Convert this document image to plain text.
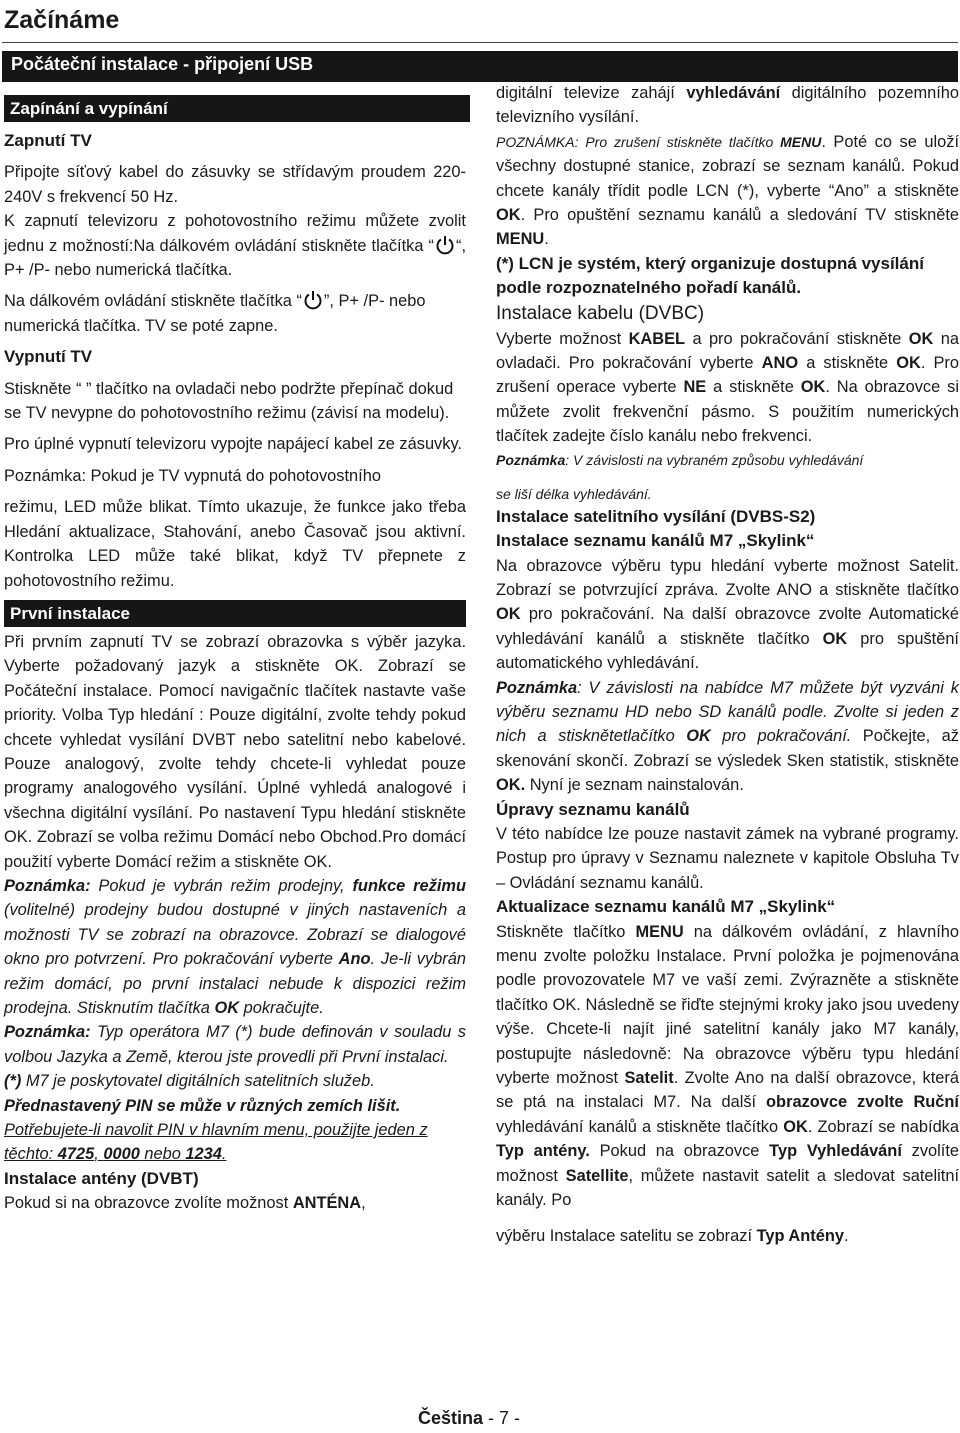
Začínáme
Počáteční instalace - připojení USB
Zapínání a vypínání

Zapnutí TV

Připojte síťový kabel do zásuvky se střídavým proudem 220-240V s frekvencí 50 Hz.

K zapnutí televizoru z pohotovostního režimu můžete zvolit jednu z možností:Na dálkovém ovládání stiskněte tlačítka “ “, P+ /P- nebo numerická tlačítka.

Na dálkovém ovládání stiskněte tlačítka “ ”, P+ /P- nebo numerická tlačítka. TV se poté zapne.

Vypnutí TV

Stiskněte “ ” tlačítko na ovladači nebo podržte přepínač dokud se TV nevypne do pohotovostního režimu (závisí na modelu).

Pro úplné vypnutí televizoru vypojte napájecí kabel ze zásuvky.

Poznámka: Pokud je TV vypnutá do pohotovostního

režimu, LED může blikat. Tímto ukazuje, že funkce jako třeba Hledání aktualizace, Stahování, anebo Časovač jsou aktivní. Kontrolka LED může také blikat, když TV přepnete z pohotovostního režimu.

První instalace

Při prvním zapnutí TV se zobrazí obrazovka s výběr jazyka. Vyberte požadovaný jazyk a stiskněte OK. Zobrazí se Počáteční instalace. Pomocí navigačníc tlačítek nastavte vaše priority. Volba Typ hledání : Pouze digitální, zvolte tehdy pokud chcete vyhledat vysílání DVBT nebo satelitní nebo kabelové. Pouze analogový, zvolte tehdy chcete-li vyhledat pouze programy analogového vysílání. Úplné vyhledá analogové i všechna digitální vysílání. Po nastavení Typu hledání stiskněte OK. Zobrazí se volba režimu Domácí nebo Obchod.Pro domácí použití vyberte Domácí režim a stiskněte OK.

Poznámka: Pokud je vybrán režim prodejny, funkce režimu (volitelné) prodejny budou dostupné v jiných nastaveních a možnosti TV se zobrazí na obrazovce. Zobrazí se dialogové okno pro potvrzení. Pro pokračování vyberte Ano. Je-li vybrán režim domácí, po první instalaci nebude k dispozici režim prodejna. Stisknutím tlačítka OK pokračujte.

Poznámka: Typ operátora M7 (*) bude definován v souladu s volbou Jazyka a Země, kterou jste provedli při První instalaci.

(*) M7 je poskytovatel digitálních satelitních služeb.

Přednastavený PIN se může v různých zemích lišit.

Potřebujete-li navolit PIN v hlavním menu, použijte jeden z těchto: 4725, 0000 nebo 1234.

Instalace antény (DVBT)

Pokud si na obrazovce zvolíte možnost ANTÉNA,

digitální televize zahájí vyhledávání digitálního pozemního televizního vysílání.

POZNÁMKA: Pro zrušení stiskněte tlačítko MENU. Poté co se uloží všechny dostupné stanice, zobrazí se seznam kanálů. Pokud chcete kanály třídit podle LCN (*), vyberte “Ano” a stiskněte OK. Pro opuštění seznamu kanálů a sledování TV stiskněte MENU.

(*) LCN je systém, který organizuje dostupná vysílání podle rozpoznatelného pořadí kanálů.

Instalace kabelu (DVBC)

Vyberte možnost KABEL a pro pokračování stiskněte OK na ovladači. Pro pokračování vyberte ANO a stiskněte OK. Pro zrušení operace vyberte NE a stiskněte OK. Na obrazovce si můžete zvolit frekvenční pásmo. S použitím numerických tlačítek zadejte číslo kanálu nebo frekvenci.

Poznámka: V závislosti na vybraném způsobu vyhledávání

se liší délka vyhledávání.

Instalace satelitního vysílání (DVBS-S2)

Instalace seznamu kanálů M7 „Skylink“

Na obrazovce výběru typu hledání vyberte možnost Satelit. Zobrazí se potvrzující zpráva. Zvolte ANO a stiskněte tlačítko OK pro pokračování. Na další obrazovce zvolte Automatické vyhledávání kanálů a stiskněte tlačítko OK pro spuštění automatického vyhledávání.

Poznámka: V závislosti na nabídce M7 můžete být vyzváni k výběru seznamu HD nebo SD kanálů podle. Zvolte si jeden z nich a stisknětetlačítko OK pro pokračování. Počkejte, až skenování skončí. Zobrazí se výsledek Sken statistik, stiskněte OK. Nyní je seznam nainstalován.

Úpravy seznamu kanálů

V této nabídce lze pouze nastavit zámek na vybrané programy. Postup pro úpravy v Seznamu naleznete v kapitole Obsluha Tv – Ovládání seznamu kanálů.

Aktualizace seznamu kanálů M7 „Skylink“

Stiskněte tlačítko MENU na dálkovém ovládání, z hlavního menu zvolte položku Instalace. První položka je pojmenována podle provozovatele M7 ve vaší zemi. Zvýrazněte a stiskněte tlačítko OK. Následně se řiďte stejnými kroky jako jsou uvedeny výše. Chcete-li najít jiné satelitní kanály jako M7 kanály, postupujte následovně: Na obrazovce výběru typu hledání vyberte možnost Satelit. Zvolte Ano na další obrazovce, která se ptá na instalaci M7. Na další obrazovce zvolte Ruční vyhledávání kanálů a stiskněte tlačítko OK. Zobrazí se nabídka Typ antény. Pokud na obrazovce Typ Vyhledávání zvolíte možnost Satellite, můžete nastavit satelit a sledovat satelitní kanály. Po

výběru Instalace satelitu se zobrazí Typ Antény.

Čeština - 7 -
